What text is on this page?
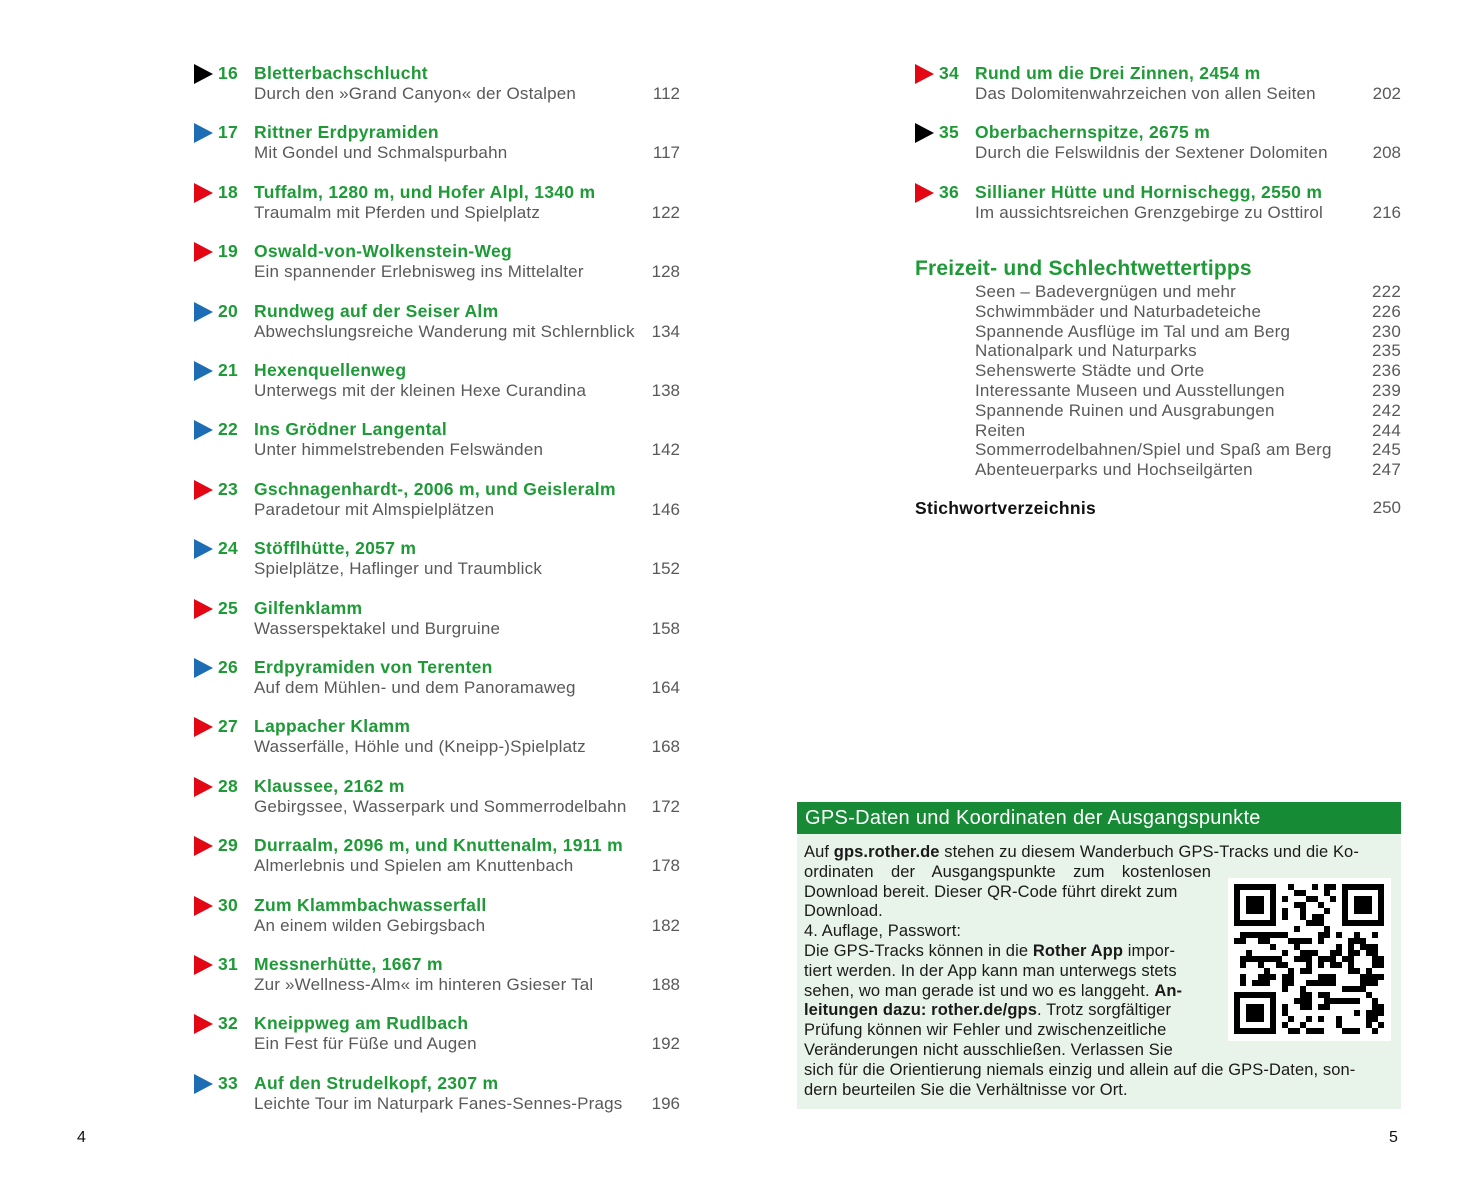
16 Bletterbachschlucht
Durch den »Grand Canyon« der Ostalpen	112
17 Rittner Erdpyramiden
Mit Gondel und Schmalspurbahn	117
18 Tuffalm, 1280 m, und Hofer Alpl, 1340 m
Traumalm mit Pferden und Spielplatz	122
19 Oswald-von-Wolkenstein-Weg
Ein spannender Erlebnisweg ins Mittelalter	128
20 Rundweg auf der Seiser Alm
Abwechslungsreiche Wanderung mit Schlernblick 134
21 Hexenquellenweg
Unterwegs mit der kleinen Hexe Curandina	138
22 Ins Grödner Langental
Unter himmelstrebenden Felswänden	142
23 Gschnagenhardt-, 2006 m, und Geisleralm
Paradetour mit Almspielplätzen	146
24 Stöfflhütte, 2057 m
Spielplätze, Haflinger und Traumblick	152
25 Gilfenklamm
Wasserspektakel und Burgruine	158
26 Erdpyramiden von Terenten
Auf dem Mühlen- und dem Panoramaweg	164
27 Lappacher Klamm
Wasserfälle, Höhle und (Kneipp-)Spielplatz	168
28 Klaussee, 2162 m
Gebirgssee, Wasserpark und Sommerrodelbahn 172
29 Durraalm, 2096 m, und Knuttenalm, 1911 m
Almerlebnis und Spielen am Knuttenbach	178
30 Zum Klammbachwasserfall
An einem wilden Gebirgsbach	182
31 Messnerhütte, 1667 m
Zur »Wellness-Alm« im hinteren Gsieser Tal	188
32 Kneippweg am Rudlbach
Ein Fest für Füße und Augen	192
33 Auf den Strudelkopf, 2307 m
Leichte Tour im Naturpark Fanes-Sennes-Prags 196
4
34 Rund um die Drei Zinnen, 2454 m
Das Dolomitenwahrzeichen von allen Seiten	202
35 Oberbachernspitze, 2675 m
Durch die Felswildnis der Sextener Dolomiten	208
36 Sillianer Hütte und Hornischegg, 2550 m
Im aussichtsreichen Grenzgebirge zu Osttirol	216
Freizeit- und Schlechtwettertipps
Seen – Badevergnügen und mehr	222
Schwimmbäder und Naturbadeteiche	226
Spannende Ausflüge im Tal und am Berg	230
Nationalpark und Naturparks	235
Sehenswerte Städte und Orte	236
Interessante Museen und Ausstellungen	239
Spannende Ruinen und Ausgrabungen	242
Reiten	244
Sommerrodelbahnen/Spiel und Spaß am Berg 245
Abenteuerparks und Hochseilgärten	247
Stichwortverzeichnis	250
GPS-Daten und Koordinaten der Ausgangspunkte
Auf gps.rother.de stehen zu diesem Wanderbuch GPS-Tracks und die Ko-
ordinaten der Ausgangspunkte zum kostenlosen
Download bereit. Dieser QR-Code führt direkt zum
Download.
4. Auflage, Passwort:
Die GPS-Tracks können in die Rother App impor-
tiert werden. In der App kann man unterwegs stets
sehen, wo man gerade ist und wo es langgeht. An-
leitungen dazu: rother.de/gps. Trotz sorgfältiger
Prüfung können wir Fehler und zwischenzeitliche
Veränderungen nicht ausschließen. Verlassen Sie
sich für die Orientierung niemals einzig und allein auf die GPS-Daten, son-
dern beurteilen Sie die Verhältnisse vor Ort.
5
